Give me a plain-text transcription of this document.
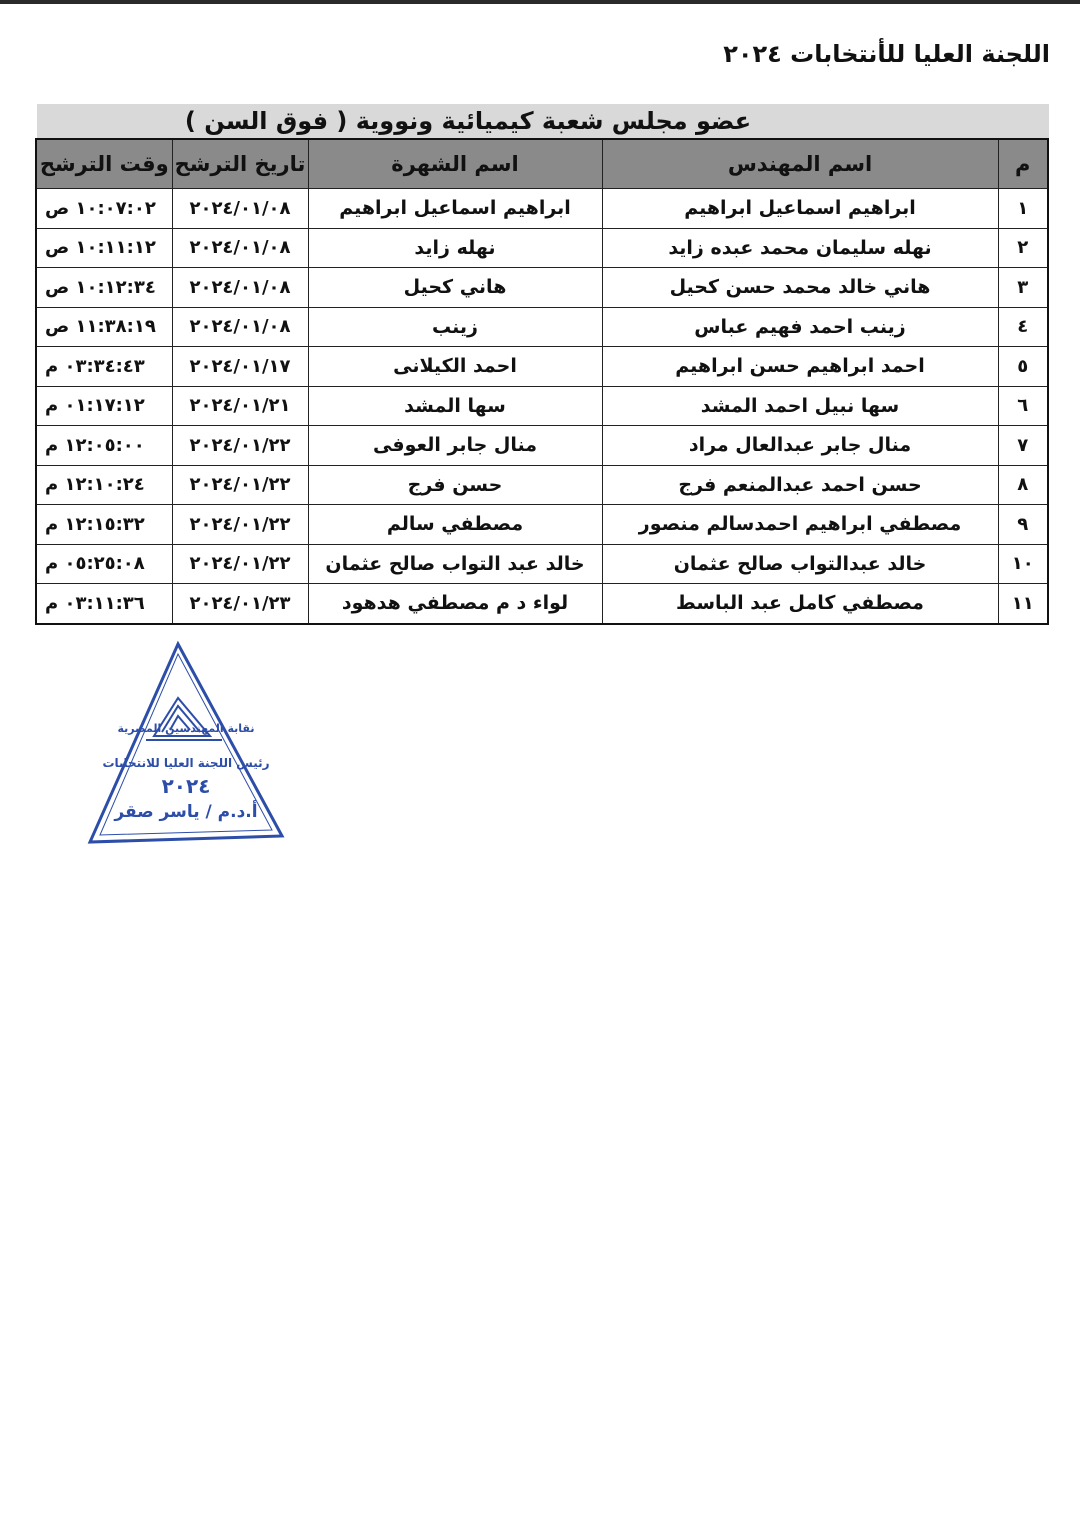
اللجنة العليا للأنتخابات ٢٠٢٤
عضو مجلس شعبة كيميائية ونووية ( فوق السن )
م	اسم المهندس	اسم الشهرة	تاريخ الترشح	وقت الترشح
١	ابراهيم اسماعيل ابراهيم	ابراهيم اسماعيل ابراهيم	٢٠٢٤/٠١/٠٨	١٠:٠٧:٠٢ ص
٢	نهله سليمان محمد عبده زايد	نهله زايد	٢٠٢٤/٠١/٠٨	١٠:١١:١٢ ص
٣	هاني خالد محمد حسن كحيل	هاني كحيل	٢٠٢٤/٠١/٠٨	١٠:١٢:٣٤ ص
٤	زينب احمد فهيم عباس	زينب	٢٠٢٤/٠١/٠٨	١١:٣٨:١٩ ص
٥	احمد ابراهيم حسن ابراهيم	احمد الكيلانى	٢٠٢٤/٠١/١٧	٠٣:٣٤:٤٣ م
٦	سها نبيل احمد المشد	سها المشد	٢٠٢٤/٠١/٢١	٠١:١٧:١٢ م
٧	منال جابر عبدالعال مراد	منال جابر العوفى	٢٠٢٤/٠١/٢٢	١٢:٠٥:٠٠ م
٨	حسن احمد عبدالمنعم فرج	حسن فرج	٢٠٢٤/٠١/٢٢	١٢:١٠:٢٤ م
٩	مصطفي ابراهيم احمدسالم منصور	مصطفي سالم	٢٠٢٤/٠١/٢٢	١٢:١٥:٣٢ م
١٠	خالد عبدالتواب صالح عثمان	خالد عبد التواب صالح عثمان	٢٠٢٤/٠١/٢٢	٠٥:٢٥:٠٨ م
١١	مصطفي كامل عبد الباسط	لواء د م مصطفي هدهود	٢٠٢٤/٠١/٢٣	٠٣:١١:٣٦ م
نقابة المهندسين المصرية
رئيس اللجنة العليا للانتخابات
٢٠٢٤
أ.د.م / ياسر صقر
